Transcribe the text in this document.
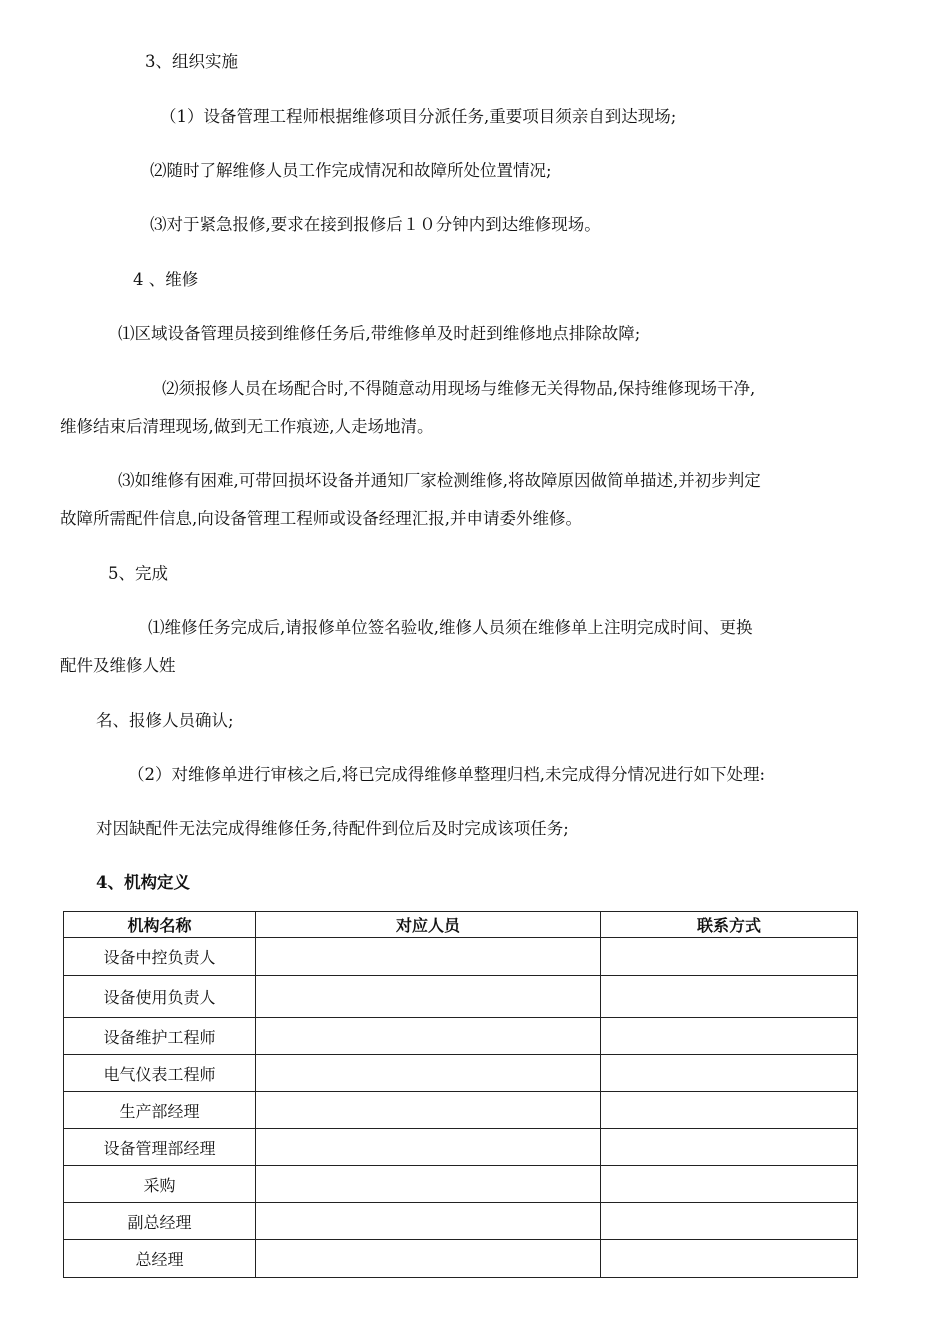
3、组织实施
（1）设备管理工程师根据维修项目分派任务,重要项目须亲自到达现场;
⑵随时了解维修人员工作完成情况和故障所处位置情况;
⑶对于紧急报修,要求在接到报修后１０分钟内到达维修现场。
4 、维修
⑴区域设备管理员接到维修任务后,带维修单及时赶到维修地点排除故障;
⑵须报修人员在场配合时,不得随意动用现场与维修无关得物品,保持维修现场干净,
维修结束后清理现场,做到无工作痕迹,人走场地清。
⑶如维修有困难,可带回损坏设备并通知厂家检测维修,将故障原因做简单描述,并初步判定
故障所需配件信息,向设备管理工程师或设备经理汇报,并申请委外维修。
5、完成
⑴维修任务完成后,请报修单位签名验收,维修人员须在维修单上注明完成时间、更换
配件及维修人姓
名、报修人员确认;
（2）对维修单进行审核之后,将已完成得维修单整理归档,未完成得分情况进行如下处理:
对因缺配件无法完成得维修任务,待配件到位后及时完成该项任务;
4、机构定义
机构名称	对应人员	联系方式
设备中控负责人		
设备使用负责人		
设备维护工程师		
电气仪表工程师		
生产部经理		
设备管理部经理		
采购		
副总经理		
总经理		
